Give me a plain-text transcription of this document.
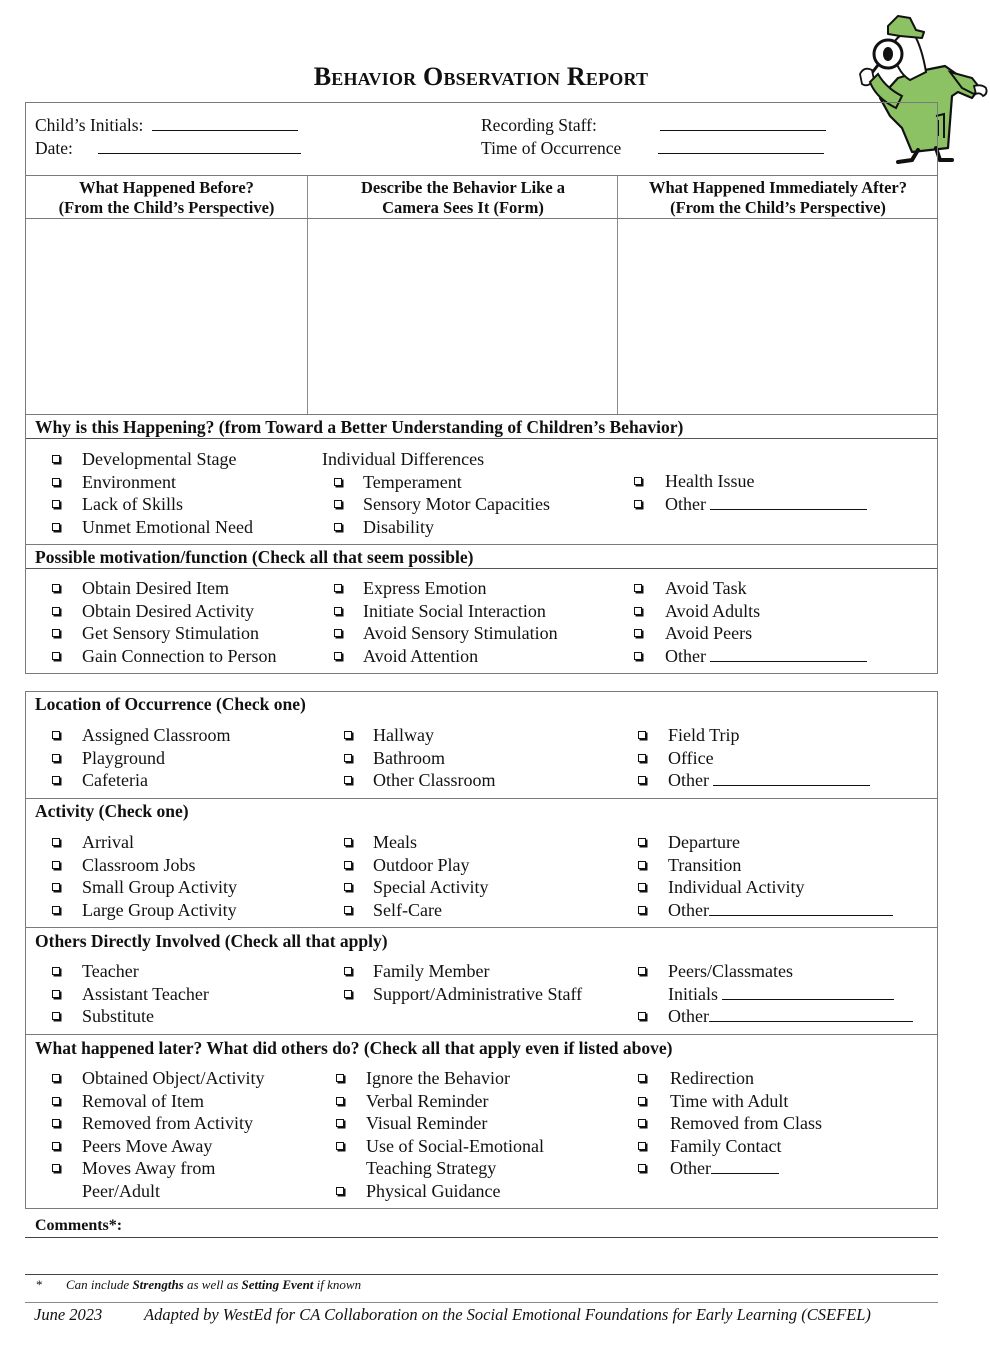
Behavior Observation Report
Child’s Initials:
Date:
Recording Staff:
Time of Occurrence
What Happened Before?
(From the Child’s Perspective)
Describe the Behavior Like a
Camera Sees It (Form)
What Happened Immediately After?
(From the Child’s Perspective)
Why is this Happening? (from Toward a Better Understanding of Children’s Behavior)
Developmental Stage
Environment
Lack of Skills
Unmet Emotional Need
Individual Differences
Temperament
Sensory Motor Capacities
Disability
Health Issue
Other
Possible motivation/function (Check all that seem possible)
Obtain Desired Item
Obtain Desired Activity
Get Sensory Stimulation
Gain Connection to Person
Express Emotion
Initiate Social Interaction
Avoid Sensory Stimulation
Avoid Attention
Avoid Task
Avoid Adults
Avoid Peers
Other
Location of Occurrence (Check one)
Assigned Classroom
Playground
Cafeteria
Hallway
Bathroom
Other Classroom
Field Trip
Office
Other
Activity (Check one)
Arrival
Classroom Jobs
Small Group Activity
Large Group Activity
Meals
Outdoor Play
Special Activity
Self-Care
Departure
Transition
Individual Activity
Other
Others Directly Involved (Check all that apply)
Teacher
Assistant Teacher
Substitute
Family Member
Support/Administrative Staff
Peers/Classmates
Initials
Other
What happened later? What did others do? (Check all that apply even if listed above)
Obtained Object/Activity
Removal of Item
Removed from Activity
Peers Move Away
Moves Away from
Peer/Adult
Ignore the Behavior
Verbal Reminder
Visual Reminder
Use of Social-Emotional
Teaching Strategy
Physical Guidance
Redirection
Time with Adult
Removed from Class
Family Contact
Other
Comments*:
* Can include Strengths as well as Setting Event if known
June 2023	Adapted by WestEd for CA Collaboration on the Social Emotional Foundations for Early Learning (CSEFEL)
